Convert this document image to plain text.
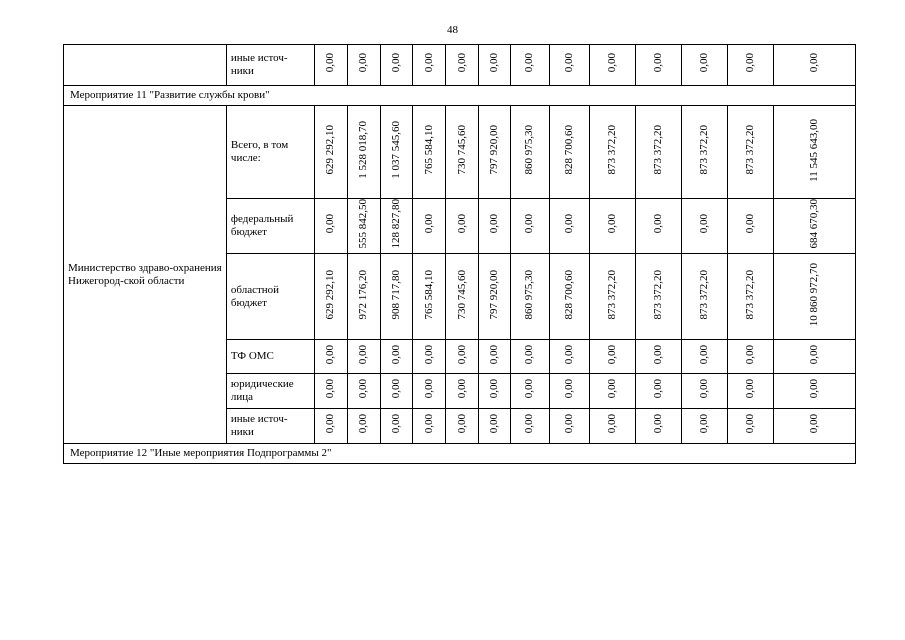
48
	иные источ-ники	0,00	0,00	0,00	0,00	0,00	0,00	0,00	0,00	0,00	0,00	0,00	0,00	0,00
Мероприятие 11 "Развитие службы крови"														
Министерство здраво-охранения Нижегород-ской области	Всего, в том числе:	629 292,10	1 528 018,70	1 037 545,60	765 584,10	730 745,60	797 920,00	860 975,30	828 700,60	873 372,20	873 372,20	873 372,20	873 372,20	11 545 643,00
	федеральный бюджет	0,00	555 842,50	128 827,80	0,00	0,00	0,00	0,00	0,00	0,00	0,00	0,00	0,00	684 670,30
	областной бюджет	629 292,10	972 176,20	908 717,80	765 584,10	730 745,60	797 920,00	860 975,30	828 700,60	873 372,20	873 372,20	873 372,20	873 372,20	10 860 972,70
	ТФ ОМС	0,00	0,00	0,00	0,00	0,00	0,00	0,00	0,00	0,00	0,00	0,00	0,00	0,00
	юридические лица	0,00	0,00	0,00	0,00	0,00	0,00	0,00	0,00	0,00	0,00	0,00	0,00	0,00
	иные источ-ники	0,00	0,00	0,00	0,00	0,00	0,00	0,00	0,00	0,00	0,00	0,00	0,00	0,00
Мероприятие 12 "Иные мероприятия Подпрограммы 2"														
